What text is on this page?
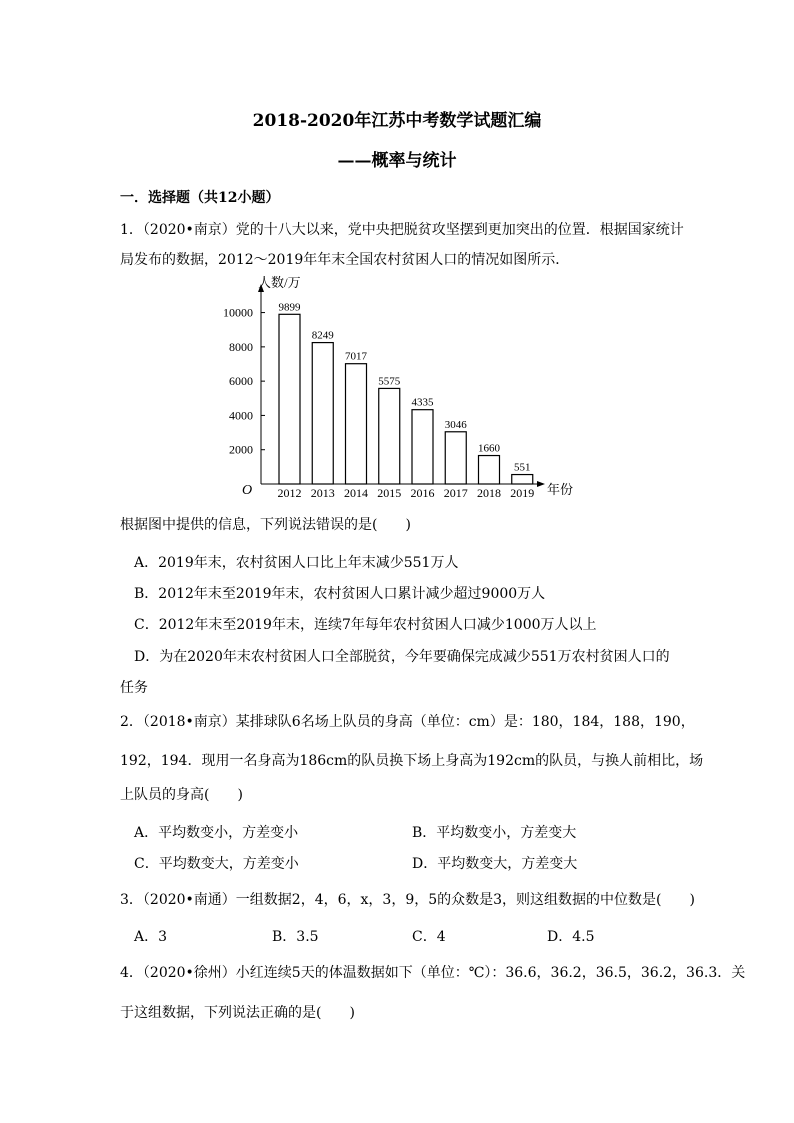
2018-2020年江苏中考数学试题汇编
——概率与统计
一．选择题（共12小题）
1．（2020•南京）党的十八大以来，党中央把脱贫攻坚摆到更加突出的位置．根据国家统计
局发布的数据，2012～2019年年末全国农村贫困人口的情况如图所示．
人数/万
年份
O
2000
4000
6000
8000
10000 9899
8249
7017
5575
4335
3046
1660
551
2012 2013 2014 2015 2016 2017 2018 2019
根据图中提供的信息，下列说法错误的是(　　)
A．2019年末，农村贫困人口比上年末减少551万人
B．2012年末至2019年末，农村贫困人口累计减少超过9000万人
C．2012年末至2019年末，连续7年每年农村贫困人口减少1000万人以上
D．为在2020年末农村贫困人口全部脱贫，今年要确保完成减少551万农村贫困人口的
任务
2．（2018•南京）某排球队6名场上队员的身高（单位：cm）是：180，184，188，190，
192，194．现用一名身高为186cm的队员换下场上身高为192cm的队员，与换人前相比，场
上队员的身高(　　)
A．平均数变小，方差变小	B．平均数变小，方差变大
C．平均数变大，方差变小	D．平均数变大，方差变大
3．（2020•南通）一组数据2，4，6，x，3，9，5的众数是3，则这组数据的中位数是(　　)
A．3	B．3.5	C．4	D．4.5
4．（2020•徐州）小红连续5天的体温数据如下（单位：℃）：36.6，36.2，36.5，36.2，36.3．关
于这组数据，下列说法正确的是(　　)
